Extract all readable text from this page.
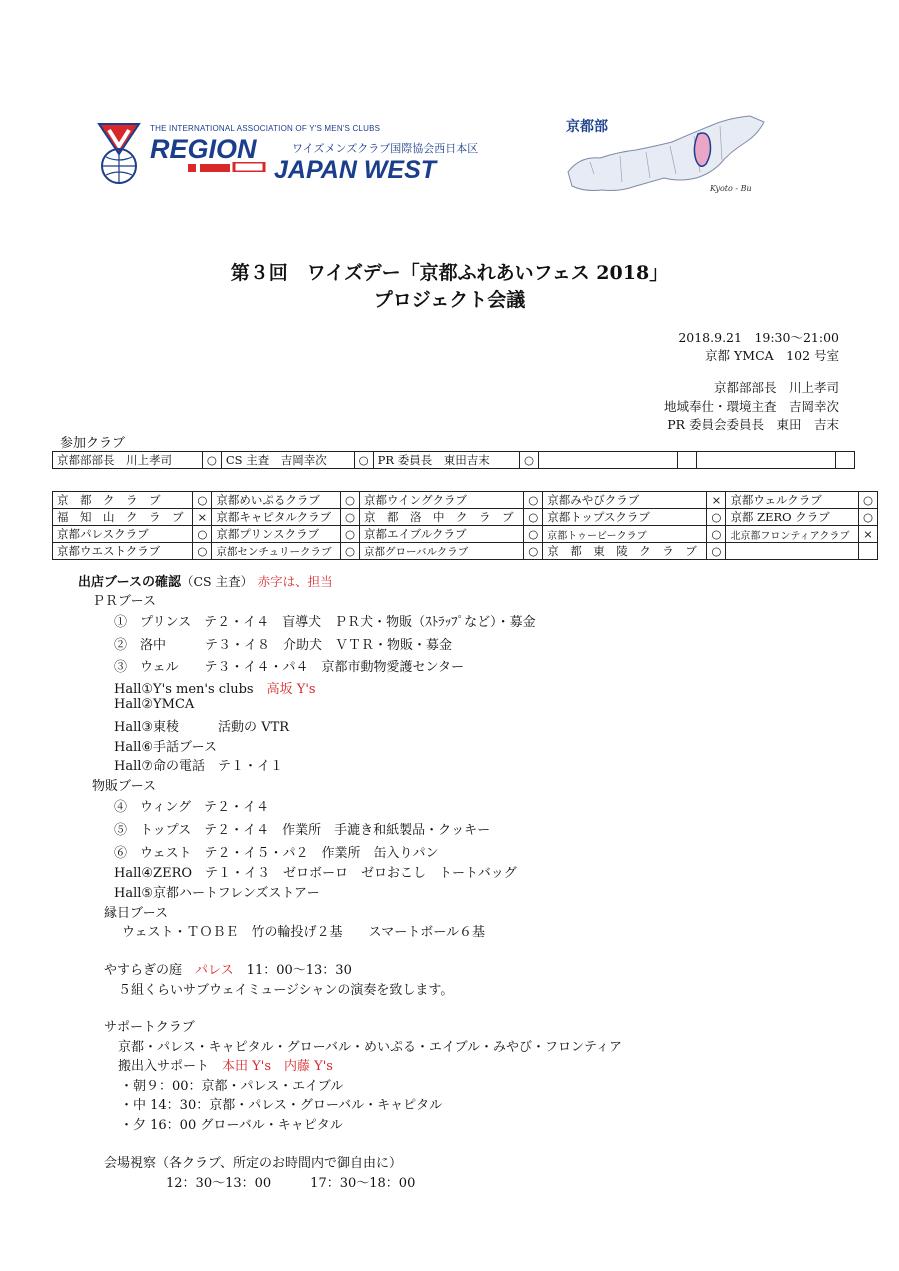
THE INTERNATIONAL ASSOCIATION OF Y'S MEN'S CLUBS
REGION	ワイズメンズクラブ国際協会西日本区
JAPAN WEST
京都部
Kyoto - Bu
第３回　ワイズデー「京都ふれあいフェス 2018」
プロジェクト会議
2018.9.21　19:30〜21:00
京都 YMCA　102 号室
京都部部長　川上孝司
地域奉仕・環境主査　吉岡幸次
PR 委員会委員長　東田　吉末
参加クラブ
京都部部長　川上孝司	○	CS 主査　吉岡幸次	○	PR 委員長　東田吉末	○				
京　都　ク　ラ　ブ	○	京都めいぷるクラブ	○	京都ウイングクラブ	○	京都みやびクラブ	×	京都ウェルクラブ	○
福　知　山　ク　ラ　ブ	×	京都キャピタルクラブ	○	京　都　洛　中　ク　ラ　ブ	○	京都トップスクラブ	○	京都 ZERO クラブ	○
京都パレスクラブ	○	京都プリンスクラブ	○	京都エイブルクラブ	○	京都トゥービークラブ	○	北京都フロンティアクラブ	×
京都ウエストクラブ	○	京都センチュリークラブ	○	京都グローバルクラブ	○	京　都　東　陵　ク　ラ　ブ	○		
出店ブースの確認（CS 主査） 赤字は、担当
ＰＲブース
①　プリンス　テ２・イ４　盲導犬　ＰＲ犬・物販（ｽﾄﾗｯﾌﾟなど）・募金
②　洛中　　　テ３・イ８　介助犬　ＶＴＲ・物販・募金
③　ウェル　　テ３・イ４・パ４　京都市動物愛護センター
Hall①Y's men's clubs　 高坂 Y's
Hall②YMCA
Hall③東稜　　　活動の VTR
Hall⑥手話ブース
Hall⑦命の電話　テ１・イ１
物販ブース
④　ウィング　テ２・イ４
⑤　トップス　テ２・イ４　作業所　手漉き和紙製品・クッキー
⑥　ウェスト　テ２・イ５・パ２　作業所　缶入りパン
Hall④ZERO　テ１・イ３　ゼロボーロ　ゼロおこし　トートバッグ
Hall⑤京都ハートフレンズストアー
縁日ブース
ウェスト・ＴＯＢＥ　竹の輪投げ２基　　スマートボール６基
やすらぎの庭　 パレス　 11：00〜13：30
５組くらいサブウェイミュージシャンの演奏を致します。
サポートクラブ
京都・パレス・キャピタル・グローバル・めいぷる・エイブル・みやび・フロンティア
搬出入サポート　 本田 Y's　内藤 Y's
・朝９：00：京都・パレス・エイブル
・中 14：30：京都・パレス・グローバル・キャピタル
・夕 16：00 グローバル・キャピタル
会場視察（各クラブ、所定のお時間内で御自由に）
12：30〜13：00　　　17：30〜18：00
